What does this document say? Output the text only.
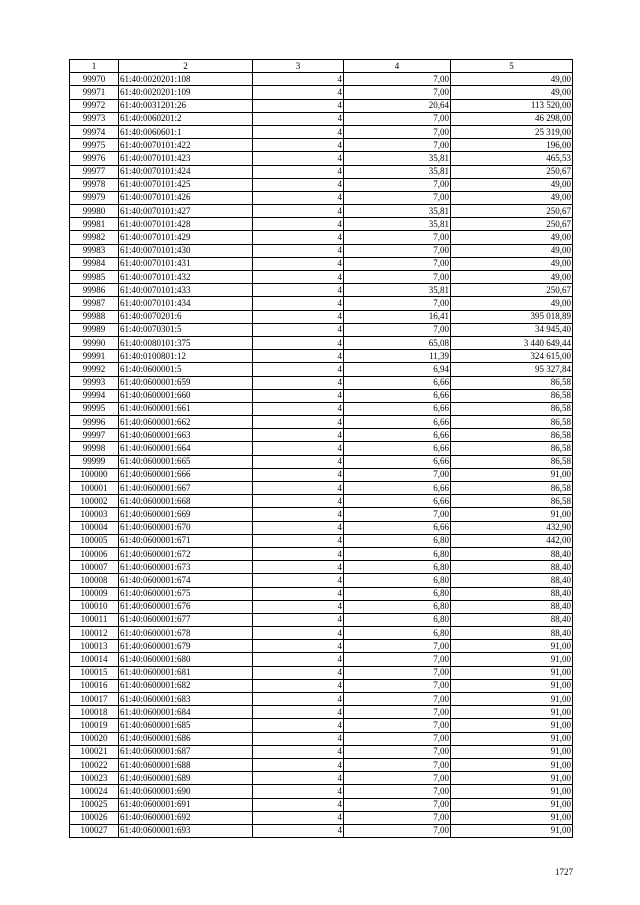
1	2	3	4	5
99970	61:40:0020201:108	4	7,00	49,00
99971	61:40:0020201:109	4	7,00	49,00
99972	61:40:0031201:26	4	20,64	113 520,00
99973	61:40:0060201:2	4	7,00	46 298,00
99974	61:40:0060601:1	4	7,00	25 319,00
99975	61:40:0070101:422	4	7,00	196,00
99976	61:40:0070101:423	4	35,81	465,53
99977	61:40:0070101:424	4	35,81	250,67
99978	61:40:0070101:425	4	7,00	49,00
99979	61:40:0070101:426	4	7,00	49,00
99980	61:40:0070101:427	4	35,81	250,67
99981	61:40:0070101:428	4	35,81	250,67
99982	61:40:0070101:429	4	7,00	49,00
99983	61:40:0070101:430	4	7,00	49,00
99984	61:40:0070101:431	4	7,00	49,00
99985	61:40:0070101:432	4	7,00	49,00
99986	61:40:0070101:433	4	35,81	250,67
99987	61:40:0070101:434	4	7,00	49,00
99988	61:40:0070201:6	4	16,41	395 018,89
99989	61:40:0070301:5	4	7,00	34 945,40
99990	61:40:0080101:375	4	65,08	3 440 649,44
99991	61:40:0100801:12	4	11,39	324 615,00
99992	61:40:0600001:5	4	6,94	95 327,84
99993	61:40:0600001:659	4	6,66	86,58
99994	61:40:0600001:660	4	6,66	86,58
99995	61:40:0600001:661	4	6,66	86,58
99996	61:40:0600001:662	4	6,66	86,58
99997	61:40:0600001:663	4	6,66	86,58
99998	61:40:0600001:664	4	6,66	86,58
99999	61:40:0600001:665	4	6,66	86,58
100000	61:40:0600001:666	4	7,00	91,00
100001	61:40:0600001:667	4	6,66	86,58
100002	61:40:0600001:668	4	6,66	86,58
100003	61:40:0600001:669	4	7,00	91,00
100004	61:40:0600001:670	4	6,66	432,90
100005	61:40:0600001:671	4	6,80	442,00
100006	61:40:0600001:672	4	6,80	88,40
100007	61:40:0600001:673	4	6,80	88,40
100008	61:40:0600001:674	4	6,80	88,40
100009	61:40:0600001:675	4	6,80	88,40
100010	61:40:0600001:676	4	6,80	88,40
100011	61:40:0600001:677	4	6,80	88,40
100012	61:40:0600001:678	4	6,80	88,40
100013	61:40:0600001:679	4	7,00	91,00
100014	61:40:0600001:680	4	7,00	91,00
100015	61:40:0600001:681	4	7,00	91,00
100016	61:40:0600001:682	4	7,00	91,00
100017	61:40:0600001:683	4	7,00	91,00
100018	61:40:0600001:684	4	7,00	91,00
100019	61:40:0600001:685	4	7,00	91,00
100020	61:40:0600001:686	4	7,00	91,00
100021	61:40:0600001:687	4	7,00	91,00
100022	61:40:0600001:688	4	7,00	91,00
100023	61:40:0600001:689	4	7,00	91,00
100024	61:40:0600001:690	4	7,00	91,00
100025	61:40:0600001:691	4	7,00	91,00
100026	61:40:0600001:692	4	7,00	91,00
100027	61:40:0600001:693	4	7,00	91,00
1727
